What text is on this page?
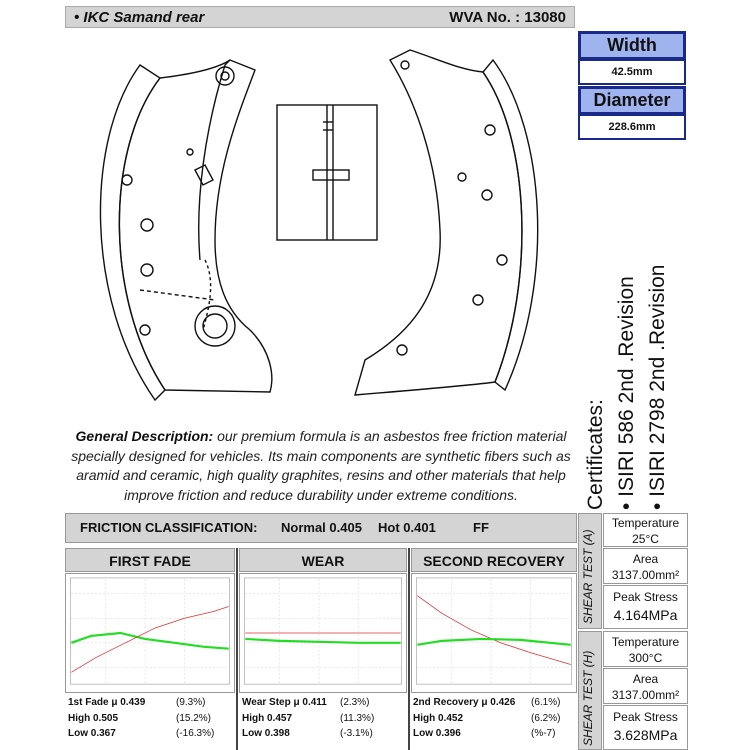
• IKC Samand rear	WVA No. : 13080
Width
42.5mm
Diameter
228.6mm
General Description: our premium formula is an asbestos free friction material specially designed for vehicles. Its main components are synthetic fibers such as aramid and ceramic, high quality graphites, resins and other materials that help improve friction and reduce durability under extreme conditions.	Certificates: • ISIRI 586 2nd .Revision • ISIRI 2798 2nd .Revision
FRICTION CLASSIFICATION: Normal 0.405 Hot 0.401	FF
FIRST FADE	WEAR	SECOND RECOVERY
1st Fade μ 0.439	(9.3%)
High 0.505	(15.2%)
Low 0.367	(-16.3%)
Wear Step μ 0.411 (2.3%)
High 0.457	(11.3%)
Low 0.398	(-3.1%)
2nd Recovery μ 0.426 (6.1%)
High 0.452	(6.2%)
Low 0.396	(%-7)
SHEAR TEST (A)
Temperature
25°C
Area
3137.00mm²
Peak Stress
4.164MPa
SHEAR TEST (H)
Temperature
300°C
Area
3137.00mm²
Peak Stress
3.628MPa
